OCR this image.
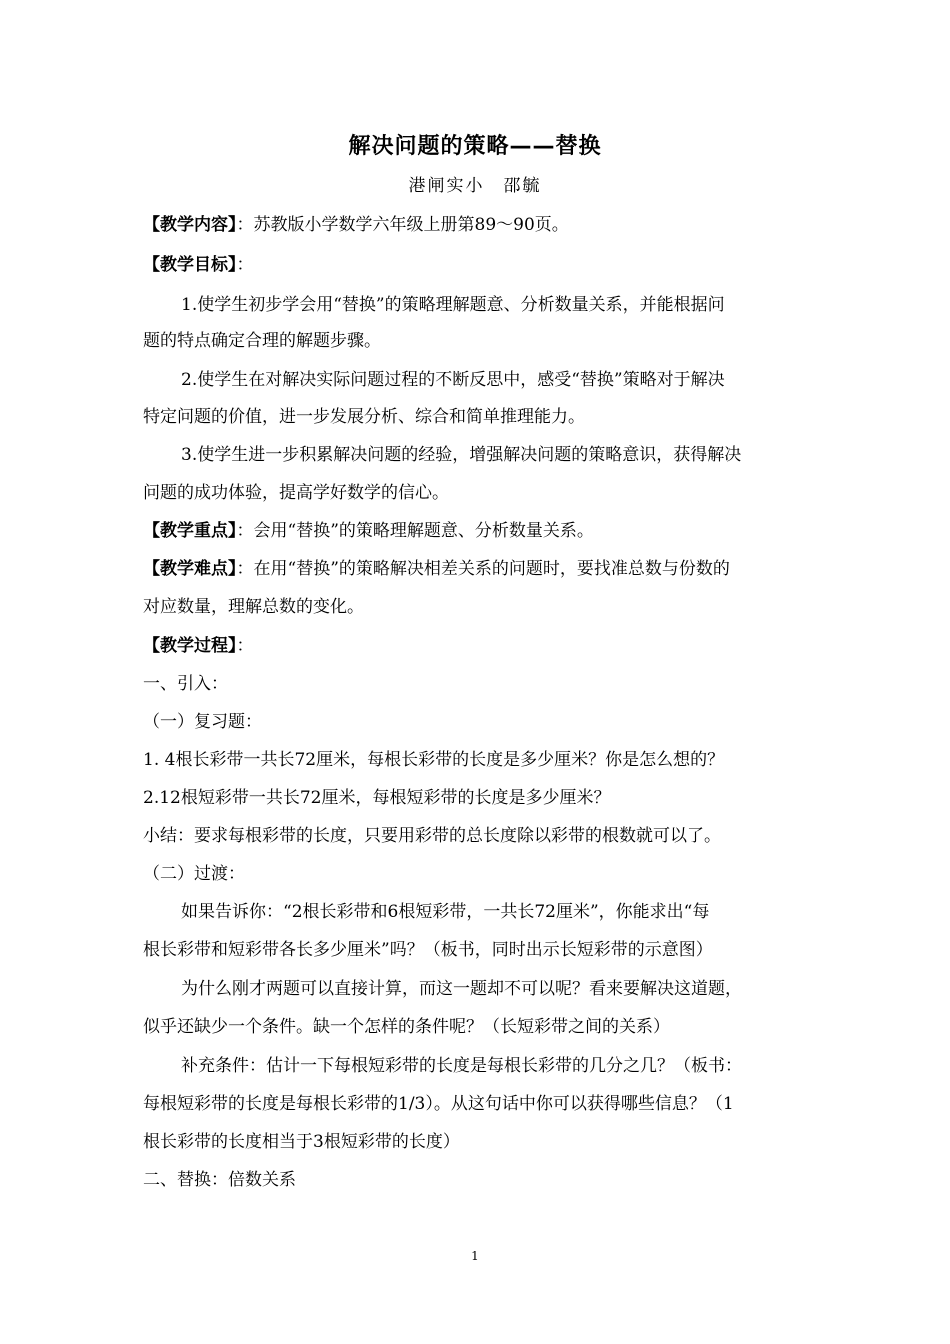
解决问题的策略——替换
港闸实小　邵毓
【教学内容】：苏教版小学数学六年级上册第89～90页。
【教学目标】：
1.使学生初步学会用“替换”的策略理解题意、分析数量关系，并能根据问
题的特点确定合理的解题步骤。
2.使学生在对解决实际问题过程的不断反思中，感受“替换”策略对于解决
特定问题的价值，进一步发展分析、综合和简单推理能力。
3.使学生进一步积累解决问题的经验，增强解决问题的策略意识，获得解决
问题的成功体验，提高学好数学的信心。
【教学重点】：会用“替换”的策略理解题意、分析数量关系。
【教学难点】：在用“替换”的策略解决相差关系的问题时，要找准总数与份数的
对应数量，理解总数的变化。
【教学过程】：
一、引入：
（一）复习题：
1. 4根长彩带一共长72厘米，每根长彩带的长度是多少厘米？你是怎么想的？
2.12根短彩带一共长72厘米，每根短彩带的长度是多少厘米？
小结：要求每根彩带的长度，只要用彩带的总长度除以彩带的根数就可以了。
（二）过渡：
如果告诉你：“2根长彩带和6根短彩带，一共长72厘米”，你能求出“每
根长彩带和短彩带各长多少厘米”吗？（板书，同时出示长短彩带的示意图）
为什么刚才两题可以直接计算，而这一题却不可以呢？看来要解决这道题，
似乎还缺少一个条件。缺一个怎样的条件呢？（长短彩带之间的关系）
补充条件：估计一下每根短彩带的长度是每根长彩带的几分之几？（板书：
每根短彩带的长度是每根长彩带的1/3）。从这句话中你可以获得哪些信息？（1
根长彩带的长度相当于3根短彩带的长度）
二、替换：倍数关系
1
